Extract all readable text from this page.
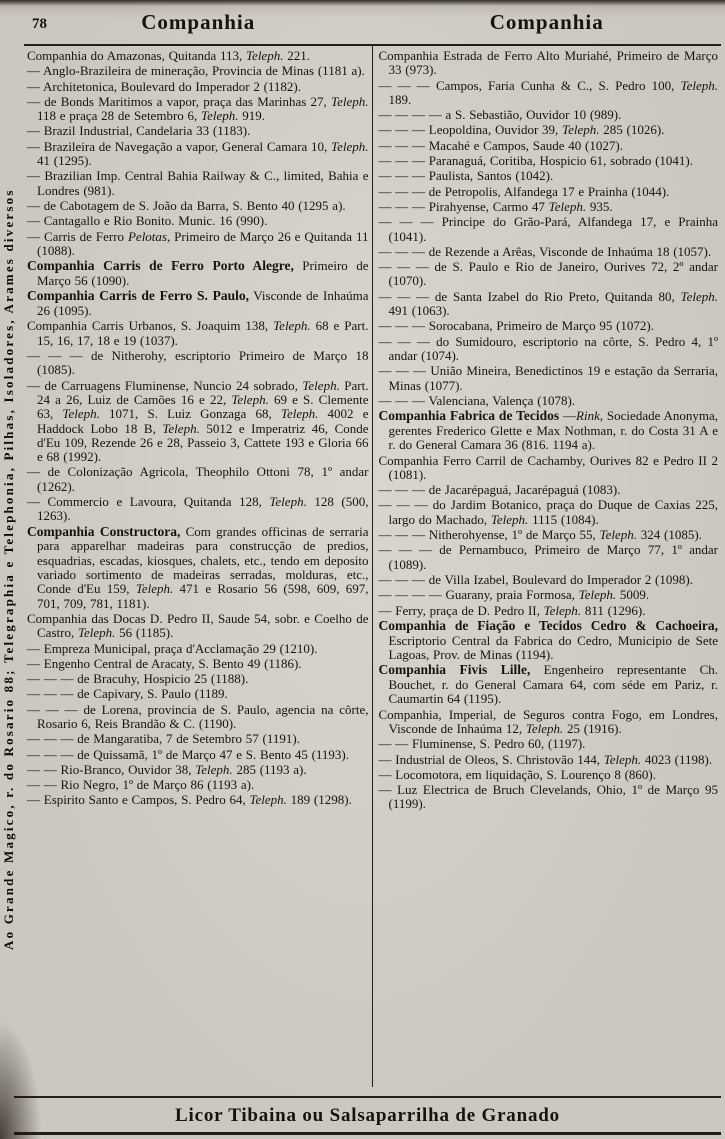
Ao Grande Magico, r. do Rosario 88; Telegraphia e Telephonia, Pilhas, Isoladores, Arames diversos
78	Companhia	Companhia

Companhia do Amazonas, Quitanda 113, Teleph. 221.

— Anglo-Brazileira de mineração, Provincia de Minas (1181 a).

— Architetonica, Boulevard do Imperador 2 (1182).

— de Bonds Maritimos a vapor, praça das Marinhas 27, Teleph. 118 e praça 28 de Setembro 6, Teleph. 919.

— Brazil Industrial, Candelaria 33 (1183).

— Brazileira de Navegação a vapor, General Camara 10, Teleph. 41 (1295).

— Brazilian Imp. Central Bahia Railway & C., limited, Bahia e Londres (981).

— de Cabotagem de S. João da Barra, S. Bento 40 (1295 a).

— Cantagallo e Rio Bonito. Munic. 16 (990).

— Carris de Ferro Pelotas, Primeiro de Março 26 e Quitanda 11 (1088).

Companhia Carris de Ferro Porto Alegre, Primeiro de Março 56 (1090).

Companhia Carris de Ferro S. Paulo, Visconde de Inhaúma 26 (1095).

Companhia Carris Urbanos, S. Joaquim 138, Teleph. 68 e Part. 15, 16, 17, 18 e 19 (1037).

— — — de Nitherohy, escriptorio Primeiro de Março 18 (1085).

— de Carruagens Fluminense, Nuncio 24 sobrado, Teleph. Part. 24 a 26, Luiz de Camões 16 e 22, Teleph. 69 e S. Clemente 63, Teleph. 1071, S. Luiz Gonzaga 68, Teleph. 4002 e Haddock Lobo 18 B, Teleph. 5012 e Imperatriz 46, Conde d'Eu 109, Rezende 26 e 28, Passeio 3, Cattete 193 e Gloria 66 e 68 (1992).

— de Colonização Agricola, Theophilo Ottoni 78, 1º andar (1262).

— Commercio e Lavoura, Quitanda 128, Teleph. 128 (500, 1263).

Companhia Constructora, Com grandes officinas de serraria para apparelhar madeiras para construcção de predios, esquadrias, escadas, kiosques, chalets, etc., tendo em deposito variado sortimento de madeiras serradas, molduras, etc., Conde d'Eu 159, Teleph. 471 e Rosario 56 (598, 609, 697, 701, 709, 781, 1181).

Companhia das Docas D. Pedro II, Saude 54, sobr. e Coelho de Castro, Teleph. 56 (1185).

— Empreza Municipal, praça d'Acclamação 29 (1210).

— Engenho Central de Aracaty, S. Bento 49 (1186).

— — — de Bracuhy, Hospicio 25 (1188).

— — — de Capivary, S. Paulo (1189.

— — — de Lorena, provincia de S. Paulo, agencia na côrte, Rosario 6, Reis Brandão & C. (1190).

— — — de Mangaratiba, 7 de Setembro 57 (1191).

— — — de Quissamã, 1º de Março 47 e S. Bento 45 (1193).

— — Rio-Branco, Ouvidor 38, Teleph. 285 (1193 a).

— — Rio Negro, 1º de Março 86 (1193 a).

— Espirito Santo e Campos, S. Pedro 64, Teleph. 189 (1298).

Companhia Estrada de Ferro Alto Muriahé, Primeiro de Março 33 (973).

— — — Campos, Faria Cunha & C., S. Pedro 100, Teleph. 189.

— — — — a S. Sebastião, Ouvidor 10 (989).

— — — Leopoldina, Ouvidor 39, Teleph. 285 (1026).

— — — Macahé e Campos, Saude 40 (1027).

— — — Paranaguá, Coritiba, Hospicio 61, sobrado (1041).

— — — Paulista, Santos (1042).

— — — de Petropolis, Alfandega 17 e Prainha (1044).

— — — Pirahyense, Carmo 47 Teleph. 935.

— — — Principe do Grão-Pará, Alfandega 17, e Prainha (1041).

— — — de Rezende a Arêas, Visconde de Inhaúma 18 (1057).

— — — de S. Paulo e Rio de Janeiro, Ourives 72, 2º andar (1070).

— — — de Santa Izabel do Rio Preto, Quitanda 80, Teleph. 491 (1063).

— — — Sorocabana, Primeiro de Março 95 (1072).

— — — do Sumidouro, escriptorio na côrte, S. Pedro 4, 1º andar (1074).

— — — União Mineira, Benedictinos 19 e estação da Serraria, Minas (1077).

— — — Valenciana, Valença (1078).

Companhia Fabrica de Tecidos —Rink, Sociedade Anonyma, gerentes Frederico Glette e Max Nothman, r. do Costa 31 A e r. do General Camara 36 (816. 1194 a).

Companhia Ferro Carril de Cachamby, Ourives 82 e Pedro II 2 (1081).

— — — de Jacarépaguá, Jacarépaguá (1083).

— — — do Jardim Botanico, praça do Duque de Caxias 225, largo do Machado, Teleph. 1115 (1084).

— — — Nitherohyense, 1º de Março 55, Teleph. 324 (1085).

— — — de Pernambuco, Primeiro de Março 77, 1º andar (1089).

— — — de Villa Izabel, Boulevard do Imperador 2 (1098).

— — — — Guarany, praia Formosa, Teleph. 5009.

— Ferry, praça de D. Pedro II, Teleph. 811 (1296).

Companhia de Fiação e Tecidos Cedro & Cachoeira, Escriptorio Central da Fabrica do Cedro, Municipio de Sete Lagoas, Prov. de Minas (1194).

Companhia Fivis Lille, Engenheiro representante Ch. Bouchet, r. do General Camara 64, com séde em Pariz, r. Caumartin 64 (1195).

Companhia, Imperial, de Seguros contra Fogo, em Londres, Visconde de Inhaúma 12, Teleph. 25 (1916).

— — Fluminense, S. Pedro 60, (1197).

— Industrial de Oleos, S. Christovão 144, Teleph. 4023 (1198).

— Locomotora, em liquidação, S. Lourenço 8 (860).

— Luz Electrica de Bruch Clevelands, Ohio, 1º de Março 95 (1199).

Licor Tibaina ou Salsaparrilha de Granado
